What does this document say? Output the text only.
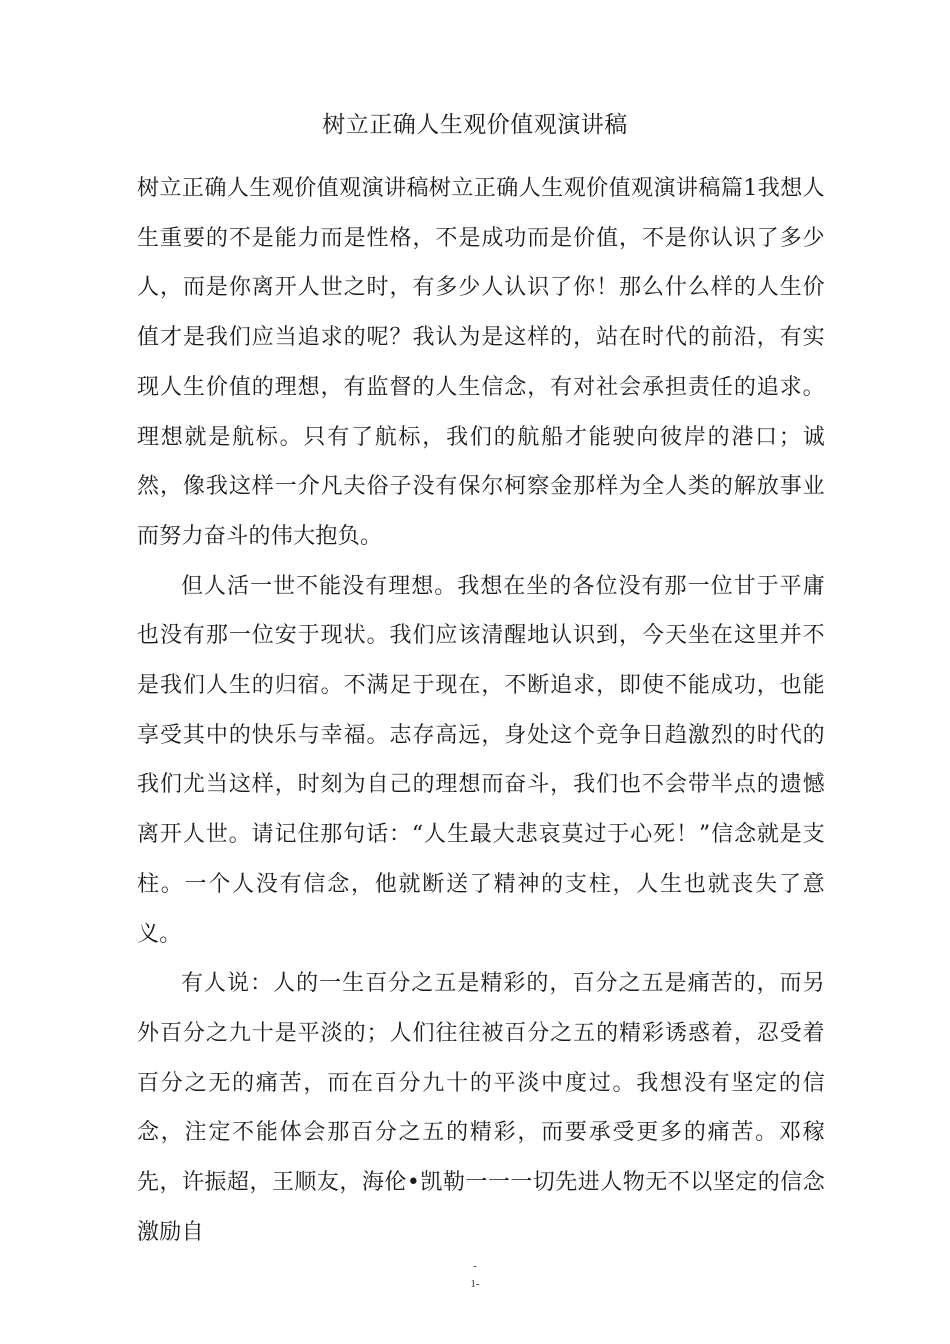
树立正确人生观价值观演讲稿

树立正确人生观价值观演讲稿树立正确人生观价值观演讲稿篇1我想人生重要的不是能力而是性格，不是成功而是价值，不是你认识了多少人，而是你离开人世之时，有多少人认识了你！那么什么样的人生价值才是我们应当追求的呢？我认为是这样的，站在时代的前沿，有实现人生价值的理想，有监督的人生信念，有对社会承担责任的追求。理想就是航标。只有了航标，我们的航船才能驶向彼岸的港口；诚然，像我这样一介凡夫俗子没有保尔柯察金那样为全人类的解放事业而努力奋斗的伟大抱负。

但人活一世不能没有理想。我想在坐的各位没有那一位甘于平庸也没有那一位安于现状。我们应该清醒地认识到，今天坐在这里并不是我们人生的归宿。不满足于现在，不断追求，即使不能成功，也能享受其中的快乐与幸福。志存高远，身处这个竞争日趋激烈的时代的我们尤当这样，时刻为自己的理想而奋斗，我们也不会带半点的遗憾离开人世。请记住那句话：“人生最大悲哀莫过于心死！”信念就是支柱。一个人没有信念，他就断送了精神的支柱，人生也就丧失了意义。

有人说：人的一生百分之五是精彩的，百分之五是痛苦的，而另外百分之九十是平淡的；人们往往被百分之五的精彩诱惑着，忍受着百分之无的痛苦，而在百分九十的平淡中度过。我想没有坚定的信念，注定不能体会那百分之五的精彩，而要承受更多的痛苦。邓稼先，许振超，王顺友，海伦•凯勒一一一切先进人物无不以坚定的信念激励自

-
1-
